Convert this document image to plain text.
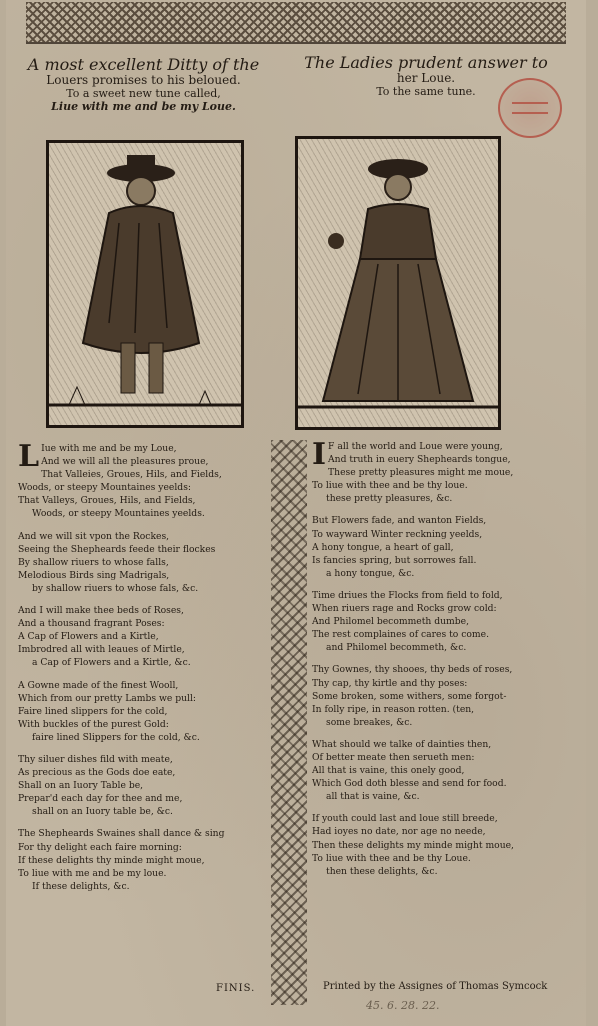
A most excellent Ditty of the
Louers promises to his beloued.
To a sweet new tune called,
Liue with me and be my Loue.
The Ladies prudent answer to
her Loue.
To the same tune.
L Iue with me and be my Loue,
And we will all the pleasures proue,
That Valleies, Groues, Hils, and Fields,
Woods, or steepy Mountaines yeelds:
That Valleys, Groues, Hils, and Fields,
Woods, or steepy Mountaines yeelds.
And we will sit vpon the Rockes,
Seeing the Shepheards feede their flockes
By shallow riuers to whose falls,
Melodious Birds sing Madrigals,
by shallow riuers to whose fals, &c.
And I will make thee beds of Roses,
And a thousand fragrant Poses:
A Cap of Flowers and a Kirtle,
Imbrodred all with leaues of Mirtle,
a Cap of Flowers and a Kirtle, &c.
A Gowne made of the finest Wooll,
Which from our pretty Lambs we pull:
Faire lined slippers for the cold,
With buckles of the purest Gold:
faire lined Slippers for the cold, &c.
Thy siluer dishes fild with meate,
As precious as the Gods doe eate,
Shall on an Iuory Table be,
Prepar'd each day for thee and me,
shall on an Iuory table be, &c.
The Shepheards Swaines shall dance & sing
For thy delight each faire morning:
If these delights thy minde might moue,
To liue with me and be my loue.
If these delights, &c.
I F all the world and Loue were young,
And truth in euery Shepheards tongue,
These pretty pleasures might me moue,
To liue with thee and be thy loue.
these pretty pleasures, &c.
But Flowers fade, and wanton Fields,
To wayward Winter reckning yeelds,
A hony tongue, a heart of gall,
Is fancies spring, but sorrowes fall.
a hony tongue, &c.
Time driues the Flocks from field to fold,
When riuers rage and Rocks grow cold:
And Philomel becommeth dumbe,
The rest complaines of cares to come.
and Philomel becommeth, &c.
Thy Gownes, thy shooes, thy beds of roses,
Thy cap, thy kirtle and thy poses:
Some broken, some withers, some forgot-
In folly ripe, in reason rotten. (ten,
some breakes, &c.
What should we talke of dainties then,
Of better meate then serueth men:
All that is vaine, this onely good,
Which God doth blesse and send for food.
all that is vaine, &c.
If youth could last and loue still breede,
Had ioyes no date, nor age no neede,
Then these delights my minde might moue,
To liue with thee and be thy Loue.
then these delights, &c.
FINIS.	Printed by the Assignes of Thomas Symcock
45. 6. 28. 22.
